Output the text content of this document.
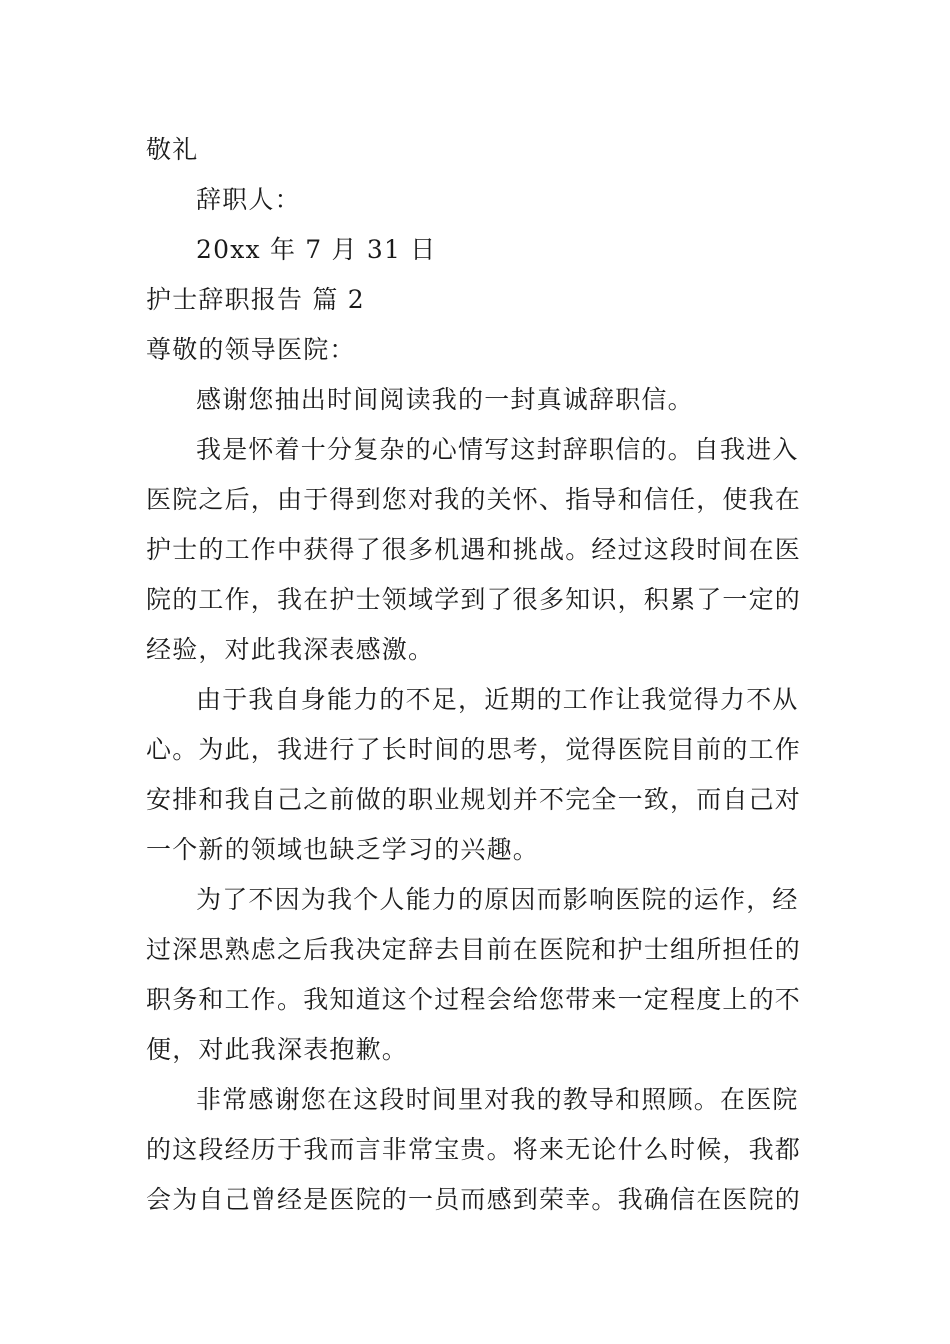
敬礼
辞职人：
20xx 年 7 月 31 日
护士辞职报告 篇 2
尊敬的领导医院：
感谢您抽出时间阅读我的一封真诚辞职信。
我是怀着十分复杂的心情写这封辞职信的。自我进入
医院之后，由于得到您对我的关怀、指导和信任，使我在
护士的工作中获得了很多机遇和挑战。经过这段时间在医
院的工作，我在护士领域学到了很多知识，积累了一定的
经验，对此我深表感激。
由于我自身能力的不足，近期的工作让我觉得力不从
心。为此，我进行了长时间的思考，觉得医院目前的工作
安排和我自己之前做的职业规划并不完全一致，而自己对
一个新的领域也缺乏学习的兴趣。
为了不因为我个人能力的原因而影响医院的运作，经
过深思熟虑之后我决定辞去目前在医院和护士组所担任的
职务和工作。我知道这个过程会给您带来一定程度上的不
便，对此我深表抱歉。
非常感谢您在这段时间里对我的教导和照顾。在医院
的这段经历于我而言非常宝贵。将来无论什么时候，我都
会为自己曾经是医院的一员而感到荣幸。我确信在医院的
